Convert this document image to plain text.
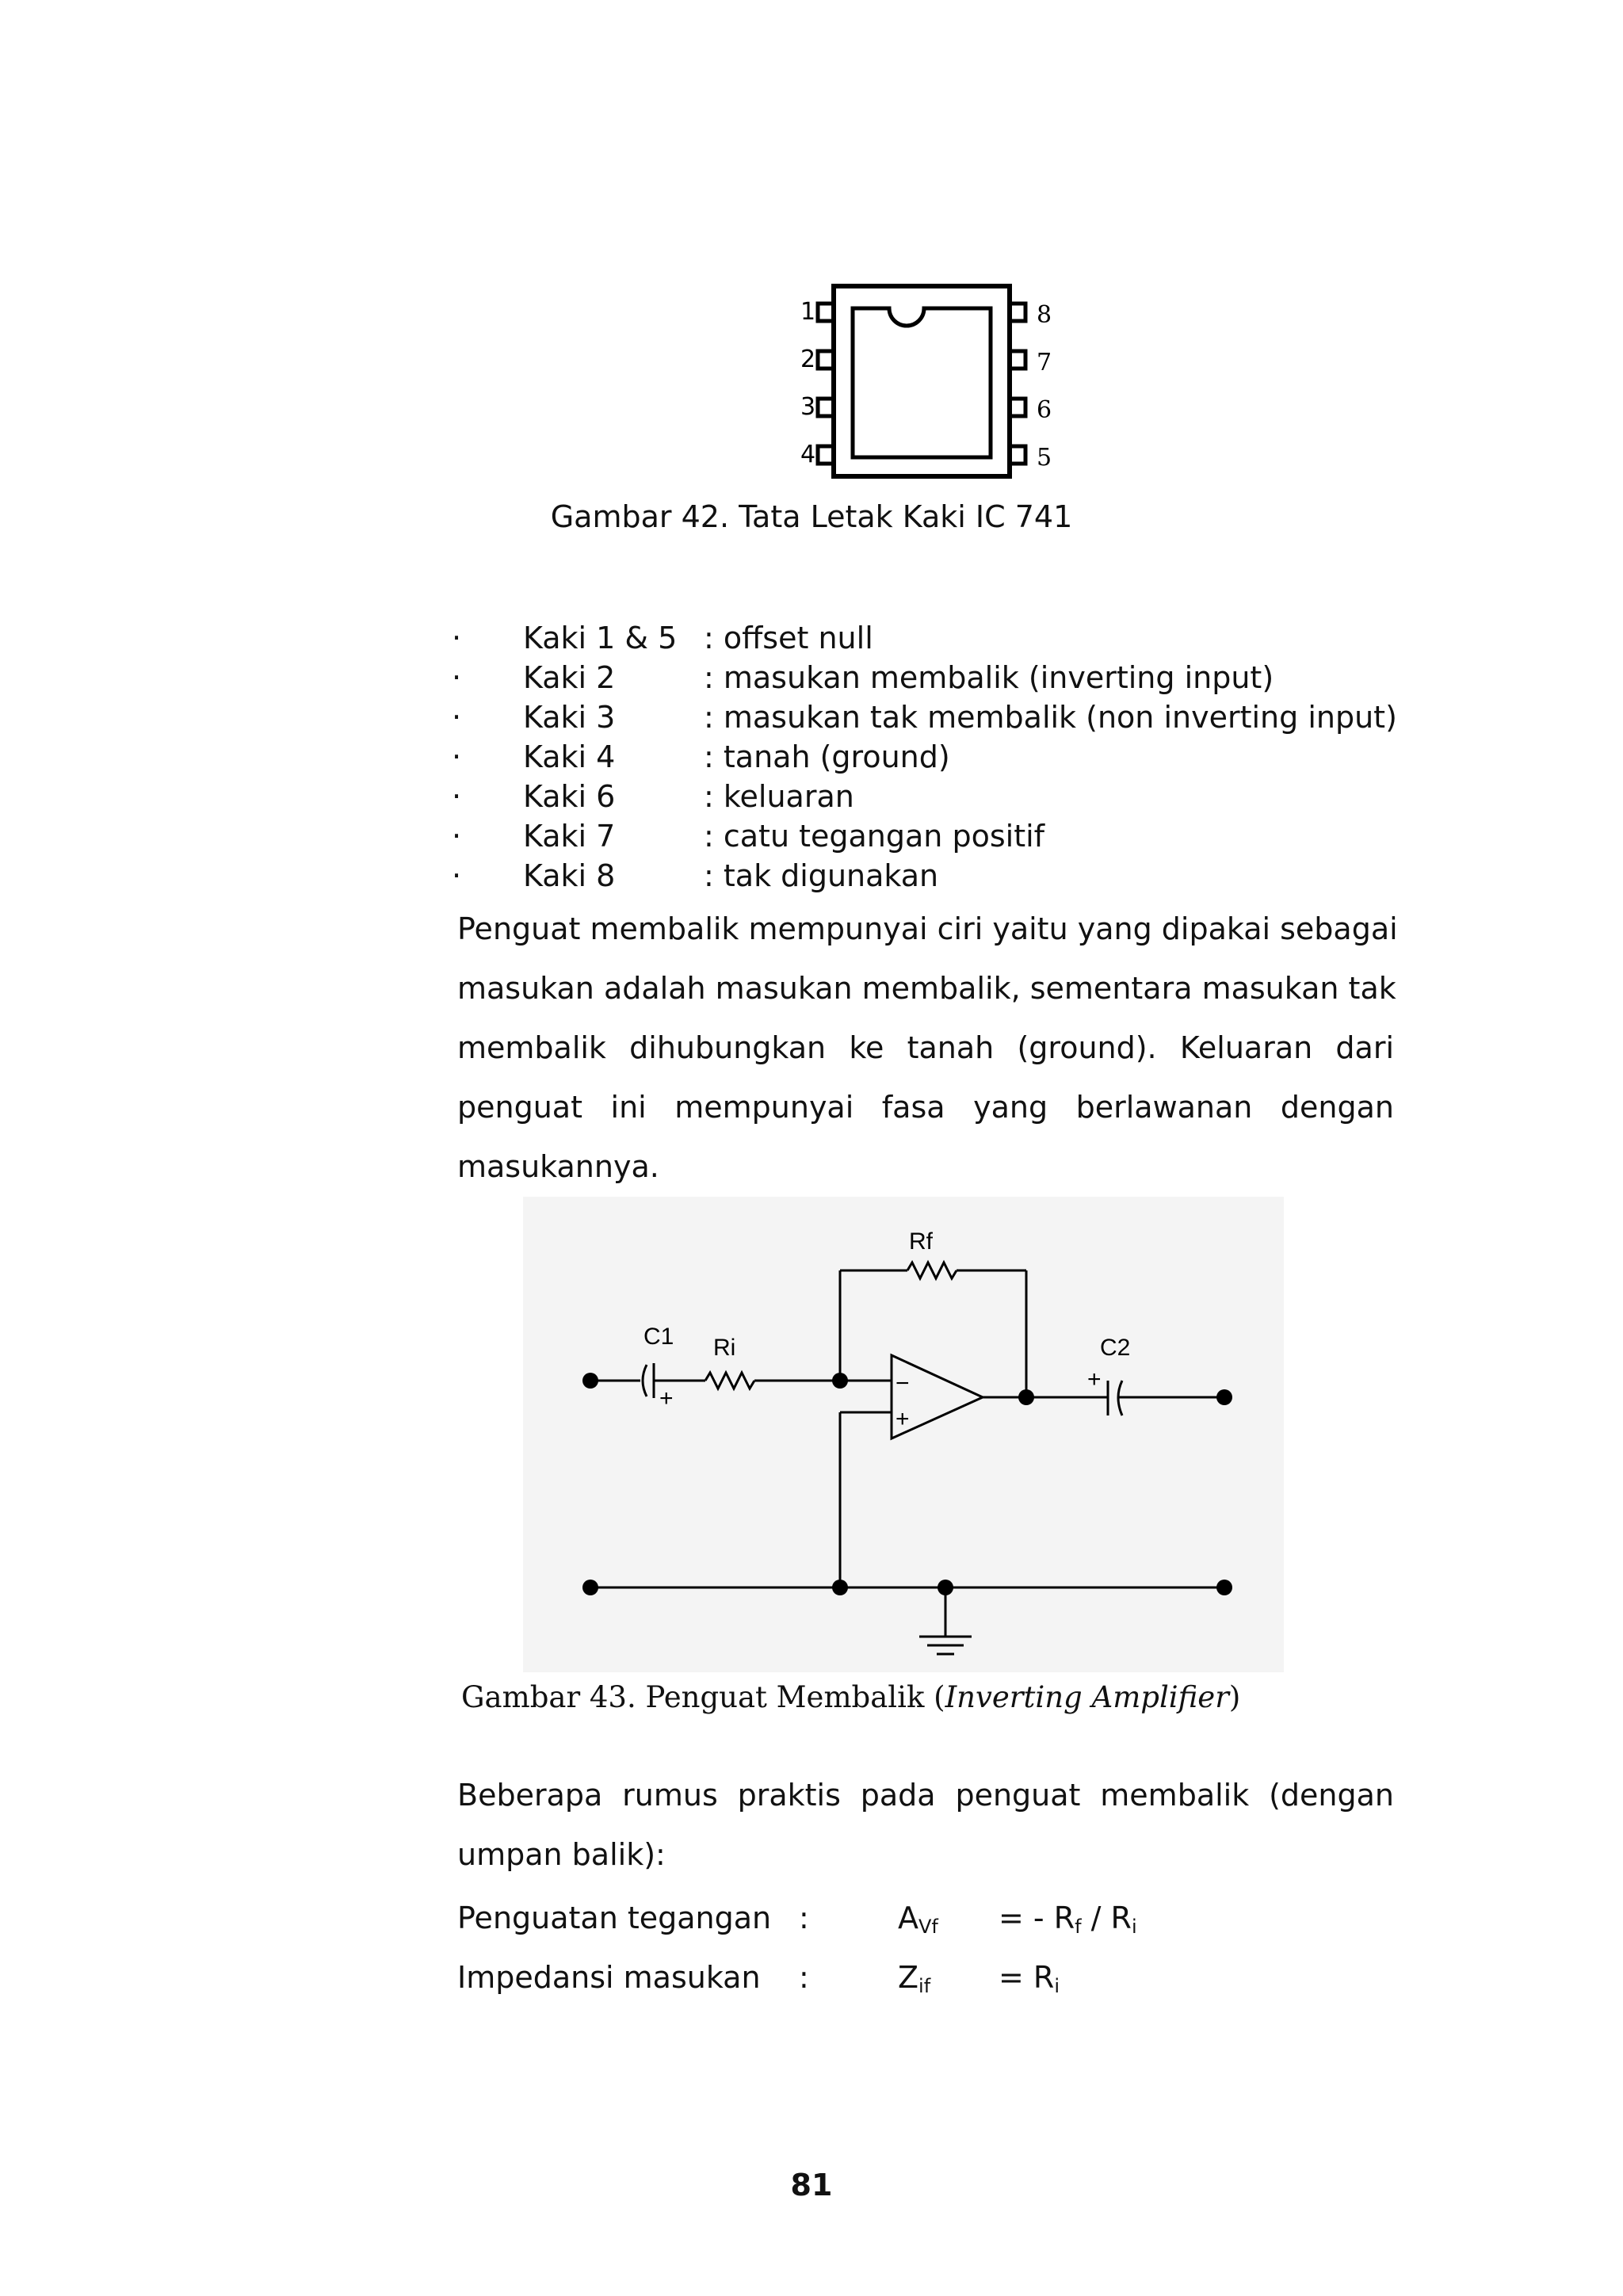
1
2
3
4
8
7
6
5
Gambar 42. Tata Letak Kaki IC 741
· Kaki 1 & 5 : offset null
· Kaki 2	: masukan membalik (inverting input)
· Kaki 3	: masukan tak membalik (non inverting input)
· Kaki 4	: tanah (ground)
· Kaki 6	: keluaran
· Kaki 7	: catu tegangan positif
· Kaki 8	: tak digunakan
Penguat membalik mempunyai ciri yaitu yang dipakai sebagai
masukan adalah masukan membalik, sementara masukan tak
membalik dihubungkan ke tanah (ground). Keluaran dari
penguat ini mempunyai fasa yang berlawanan dengan
masukannya.
Rf
C1 Ri	C2
−
+
+
+
Gambar 43. Penguat Membalik (Inverting Amplifier)
Beberapa rumus praktis pada penguat membalik (dengan
umpan balik):
Penguatan tegangan :	$A_{Vf}$ = - $R_f / R_i$
Impedansi masukan :	$Z_{if} = R_i$
81
